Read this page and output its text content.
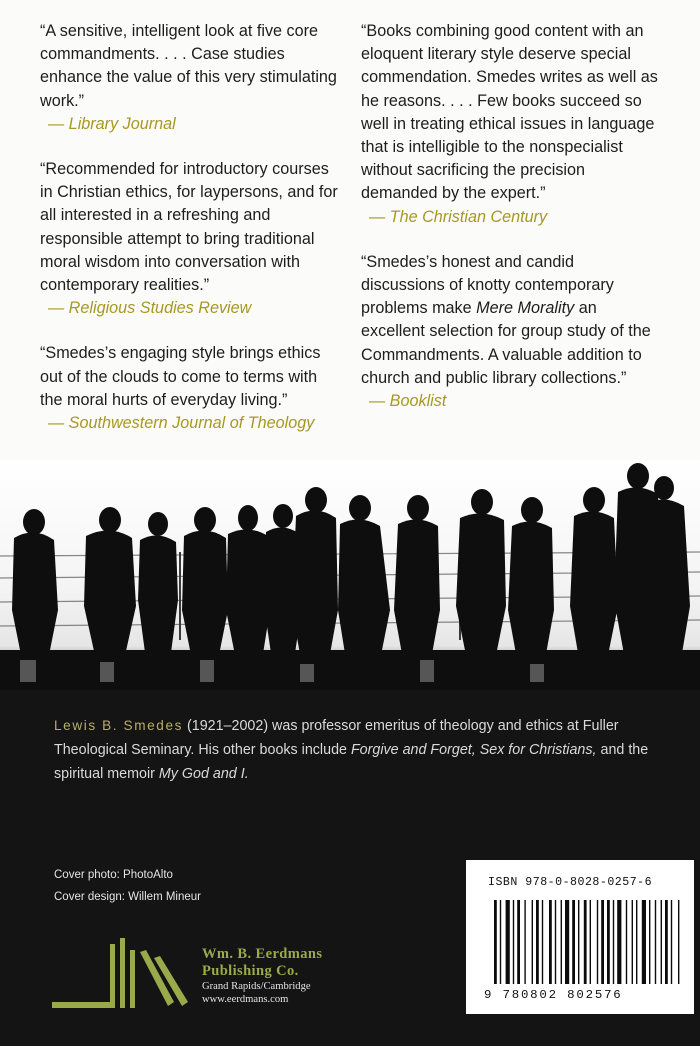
“A sensitive, intelligent look at five core commandments. . . . Case studies enhance the value of this very stimulating work.”

— Library Journal

“Recommended for introductory courses in Christian ethics, for laypersons, and for all interested in a refreshing and responsible attempt to bring traditional moral wisdom into conversation with contemporary realities.”

— Religious Studies Review

“Smedes’s engaging style brings ethics out of the clouds to come to terms with the moral hurts of everyday living.”

— Southwestern Journal of Theology

“Books combining good content with an eloquent literary style deserve special commendation. Smedes writes as well as he reasons. . . . Few books succeed so well in treating ethical issues in language that is intelligible to the nonspecialist without sacrificing the precision demanded by the expert.”

— The Christian Century

“Smedes’s honest and candid discussions of knotty contemporary problems make Mere Morality an excellent selection for group study of the Commandments. A valuable addition to church and public library collections.”

— Booklist

Lewis B. Smedes (1921–2002) was professor emeritus of theology and ethics at Fuller Theological Seminary. His other books include Forgive and Forget, Sex for Christians, and the spiritual memoir My God and I.

Cover photo: PhotoAlto
Cover design: Willem Mineur
Wm. B. Eerdmans
Publishing Co.
Grand Rapids/Cambridge
www.eerdmans.com
ISBN 978-0-8028-0257-6
9 780802 802576
